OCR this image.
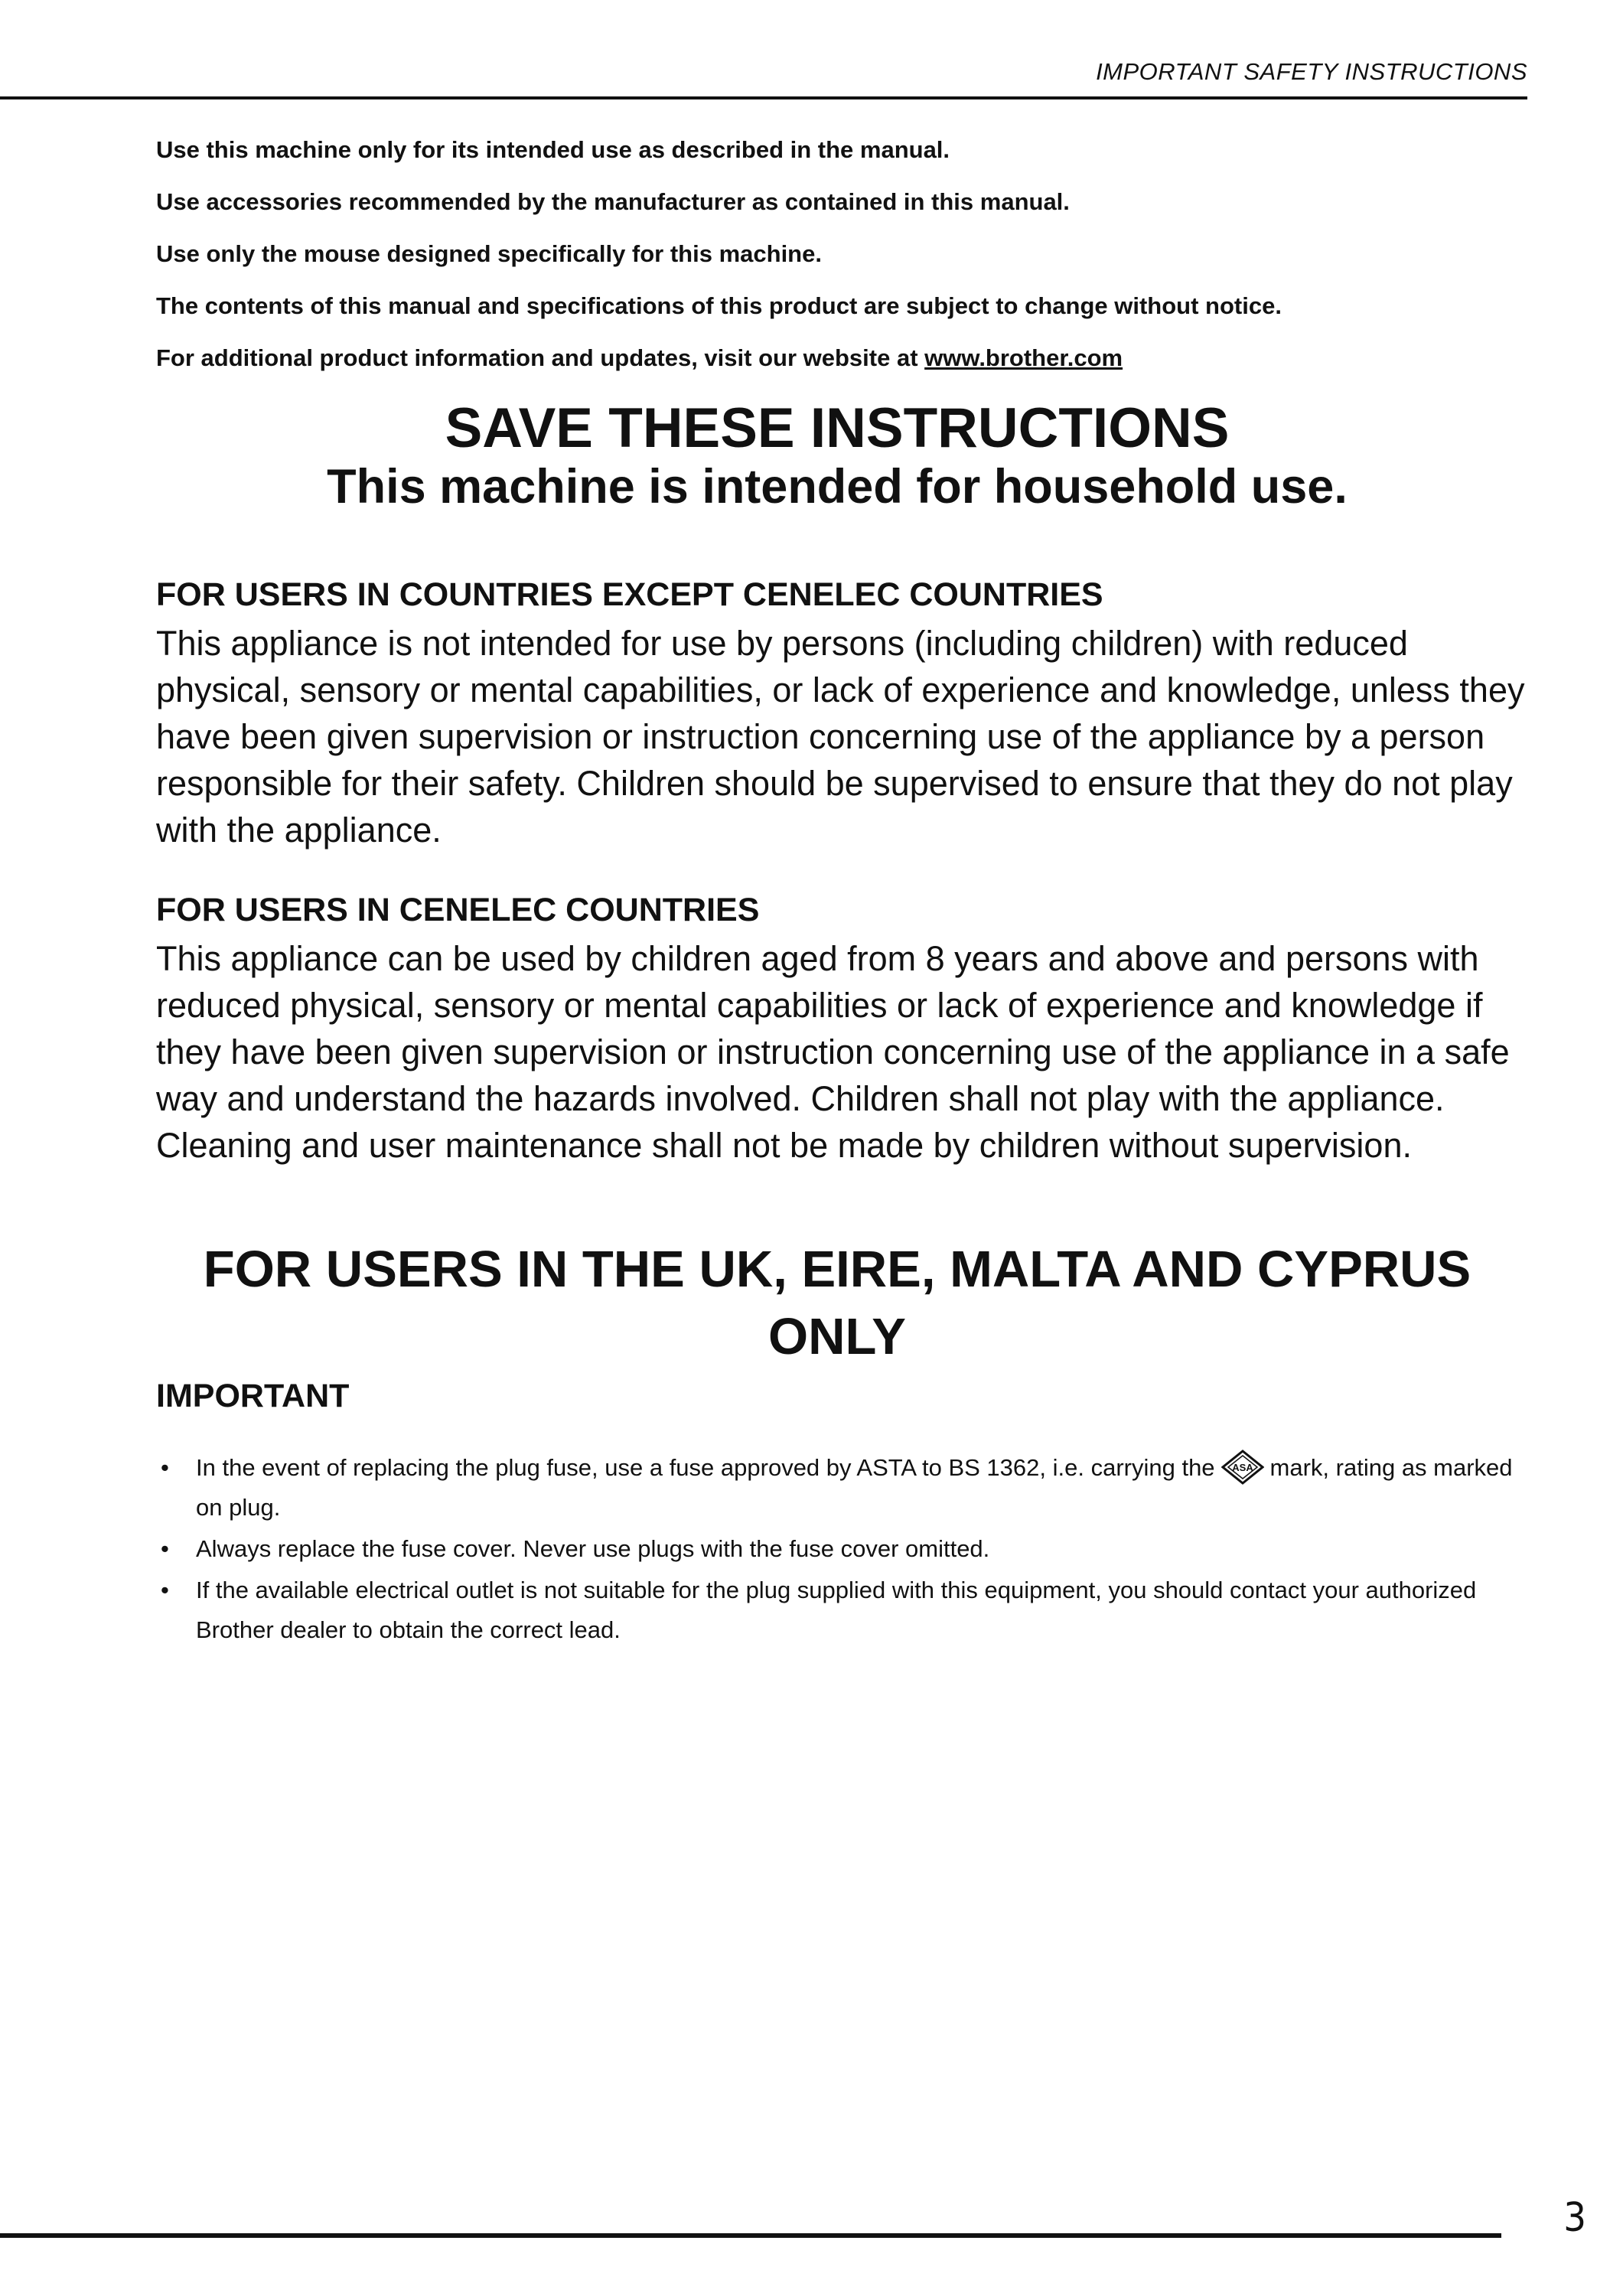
IMPORTANT SAFETY INSTRUCTIONS
Use this machine only for its intended use as described in the manual.
Use accessories recommended by the manufacturer as contained in this manual.
Use only the mouse designed specifically for this machine.
The contents of this manual and specifications of this product are subject to change without notice.
For additional product information and updates, visit our website at www.brother.com
SAVE THESE INSTRUCTIONS
This machine is intended for household use.
FOR USERS IN COUNTRIES EXCEPT CENELEC COUNTRIES
This appliance is not intended for use by persons (including children) with reduced physical, sensory or mental capabilities, or lack of experience and knowledge, unless they have been given supervision or instruction concerning use of the appliance by a person responsible for their safety. Children should be supervised to ensure that they do not play with the appliance.
FOR USERS IN CENELEC COUNTRIES
This appliance can be used by children aged from 8 years and above and persons with reduced physical, sensory or mental capabilities or lack of experience and knowledge if they have been given supervision or instruction concerning use of the appliance in a safe way and understand the hazards involved. Children shall not play with the appliance. Cleaning and user maintenance shall not be made by children without supervision.
FOR USERS IN THE UK, EIRE, MALTA AND CYPRUS
ONLY
IMPORTANT
• In the event of replacing the plug fuse, use a fuse approved by ASTA to BS 1362, i.e. carrying the ASA mark, rating as marked on plug.
• Always replace the fuse cover. Never use plugs with the fuse cover omitted.
• If the available electrical outlet is not suitable for the plug supplied with this equipment, you should contact your authorized Brother dealer to obtain the correct lead.
3
